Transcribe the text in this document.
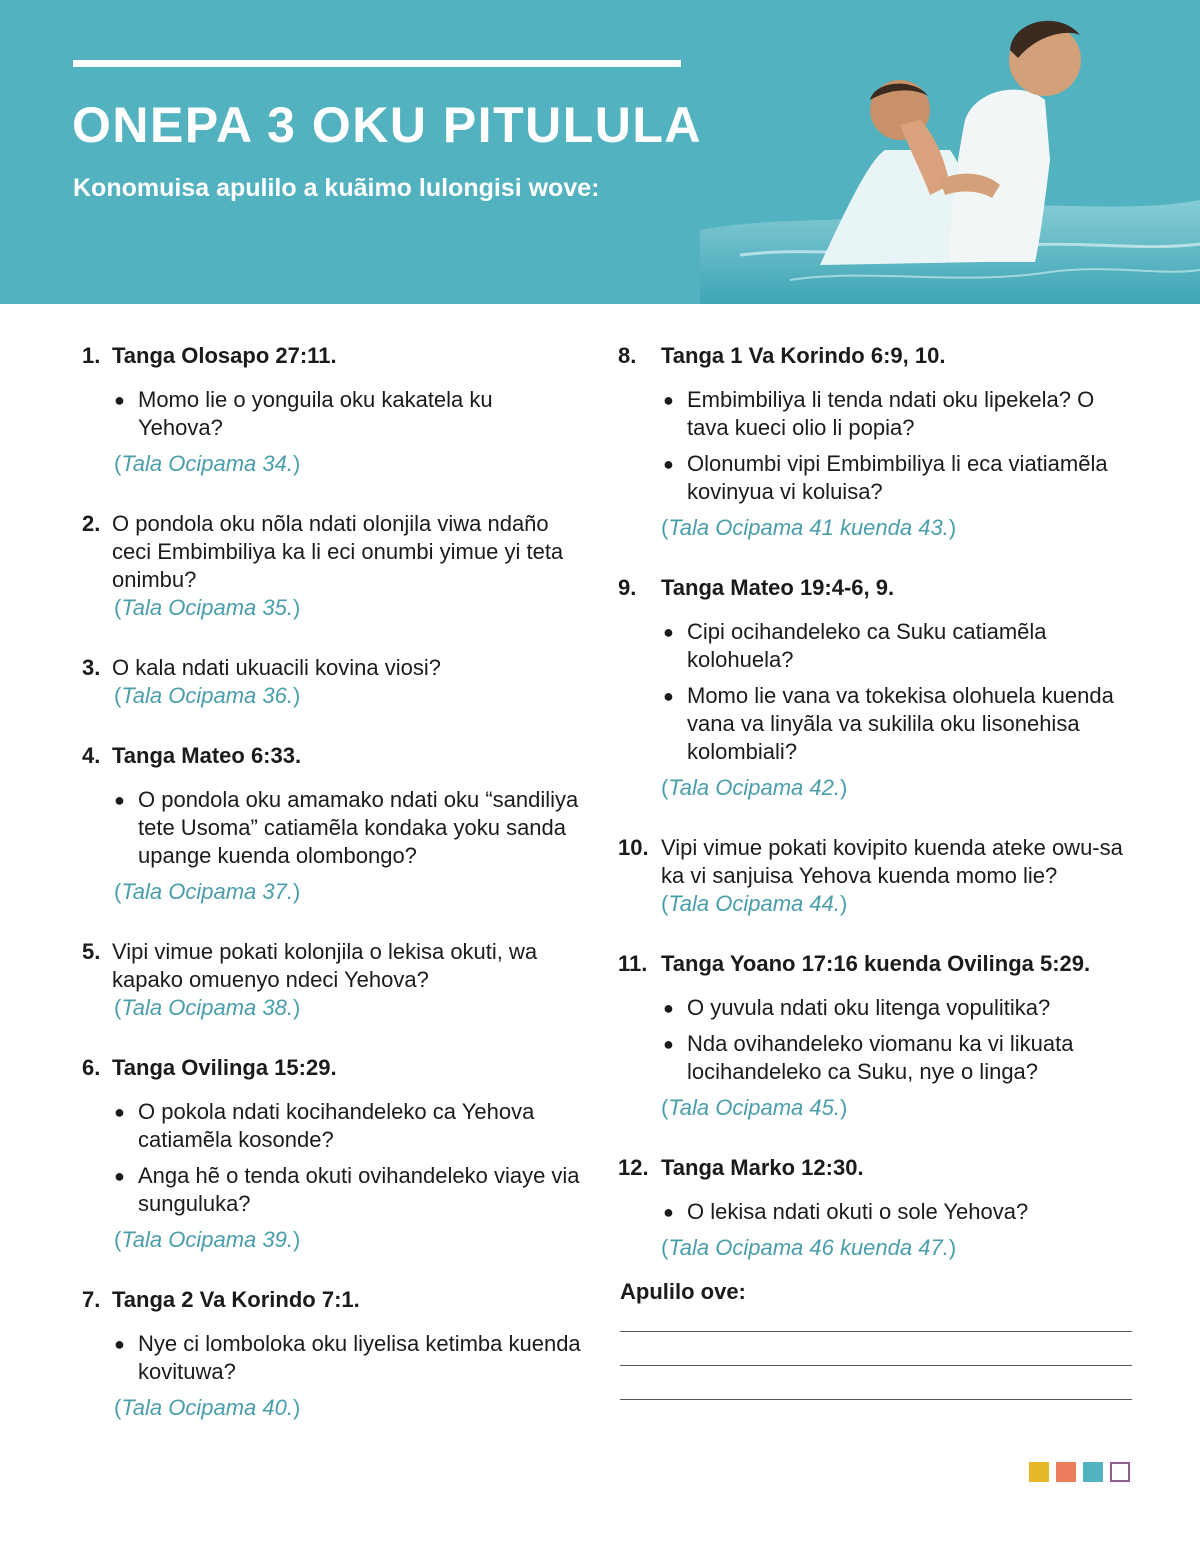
ONEPA 3 OKU PITULULA

Konomuisa apulilo a kuãimo lulongisi wove:

1. Tanga Olosapo 27:11.
● Momo lie o yonguila oku kakatela ku Yehova?
(Tala Ocipama 34.)
2. O pondola oku nõla ndati olonjila viwa ndaño ceci Embimbiliya ka li eci onumbi yimue yi teta onimbu?
(Tala Ocipama 35.)
3. O kala ndati ukuacili kovina viosi?
(Tala Ocipama 36.)
4. Tanga Mateo 6:33.
● O pondola oku amamako ndati oku “sandiliya tete Usoma” catiamẽla kondaka yoku sanda upange kuenda olombongo?
(Tala Ocipama 37.)
5. Vipi vimue pokati kolonjila o lekisa okuti, wa kapako omuenyo ndeci Yehova?
(Tala Ocipama 38.)
6. Tanga Ovilinga 15:29.
● O pokola ndati kocihandeleko ca Yehova catiamẽla kosonde?
● Anga hẽ o tenda okuti ovihandeleko viaye via sunguluka?
(Tala Ocipama 39.)
7. Tanga 2 Va Korindo 7:1.
● Nye ci lomboloka oku liyelisa ketimba kuenda kovituwa?
(Tala Ocipama 40.)
8.	Tanga 1 Va Korindo 6:9, 10.
● Embimbiliya li tenda ndati oku lipekela? O tava kueci olio li popia?
● Olonumbi vipi Embimbiliya li eca viatiamẽla kovinyua vi koluisa?
(Tala Ocipama 41 kuenda 43.)
9.	Tanga Mateo 19:4-6, 9.
● Cipi ocihandeleko ca Suku catiamẽla kolohuela?
● Momo lie vana va tokekisa olohuela kuenda vana va linyãla va sukilila oku lisonehisa kolombiali?
(Tala Ocipama 42.)
10. Vipi vimue pokati kovipito kuenda ateke owu-sa ka vi sanjuisa Yehova kuenda momo lie?
(Tala Ocipama 44.)
11. Tanga Yoano 17:16 kuenda Ovilinga 5:29.
● O yuvula ndati oku litenga vopulitika?
● Nda ovihandeleko viomanu ka vi likuata locihandeleko ca Suku, nye o linga?
(Tala Ocipama 45.)
12. Tanga Marko 12:30.
● O lekisa ndati okuti o sole Yehova?
(Tala Ocipama 46 kuenda 47.)
Apulilo ove:
